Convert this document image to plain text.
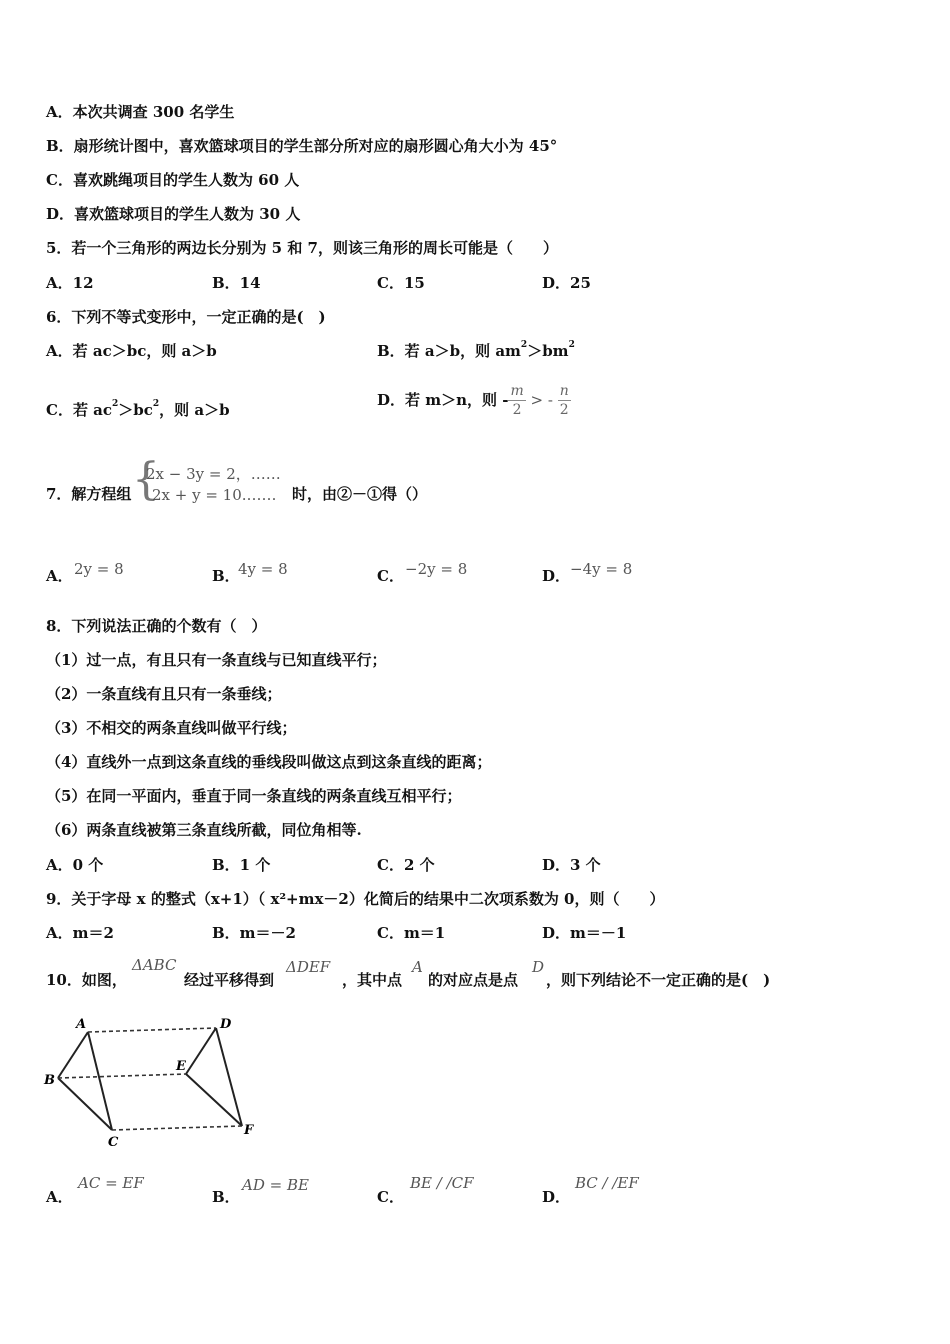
A．本次共调查 300 名学生
B．扇形统计图中，喜欢篮球项目的学生部分所对应的扇形圆心角大小为 45°
C．喜欢跳绳项目的学生人数为 60 人
D．喜欢篮球项目的学生人数为 30 人
5．若一个三角形的两边长分别为 5 和 7，则该三角形的周长可能是（　　）
A．12	B．14	C．15	D．25
6．下列不等式变形中，一定正确的是(　)
A．若 ac＞bc，则 a＞b	B．若 a＞b，则 $am^2>bm^2$
C．若 $ac^2>bc^2$，则 a＞b
D．若 m＞n，则 - $\frac{m}{2}$ > - $\frac{n}{2}$
7．解方程组 {
2x − 3y = 2，……
2x + y = 10.…… 时，由②－①得（）
A． 2y = 8	B．
4y = 8	C． −2y = 8	D． −4y = 8
8．下列说法正确的个数有（　）
（1）过一点，有且只有一条直线与已知直线平行；
（2）一条直线有且只有一条垂线；
（3）不相交的两条直线叫做平行线；
（4）直线外一点到这条直线的垂线段叫做这点到这条直线的距离；
（5）在同一平面内，垂直于同一条直线的两条直线互相平行；
（6）两条直线被第三条直线所截，同位角相等.
A．0 个	B．1 个	C．2 个	D．3 个
9．关于字母 x 的整式（x+1）（ x²+mx－2）化简后的结果中二次项系数为 0，则（　　）
A．m＝2	B．m＝－2	C．m＝1	D．m＝－1
10．如图，
ΔABC
经过平移得到
ΔDEF
，其中点
A
的对应点是点
D
，则下列结论不一定正确的是(　)
A
B
C
D
E
F
A．
AC = EF
B．
AD = BE
C．
BE / /CF
D．
BC / /EF
